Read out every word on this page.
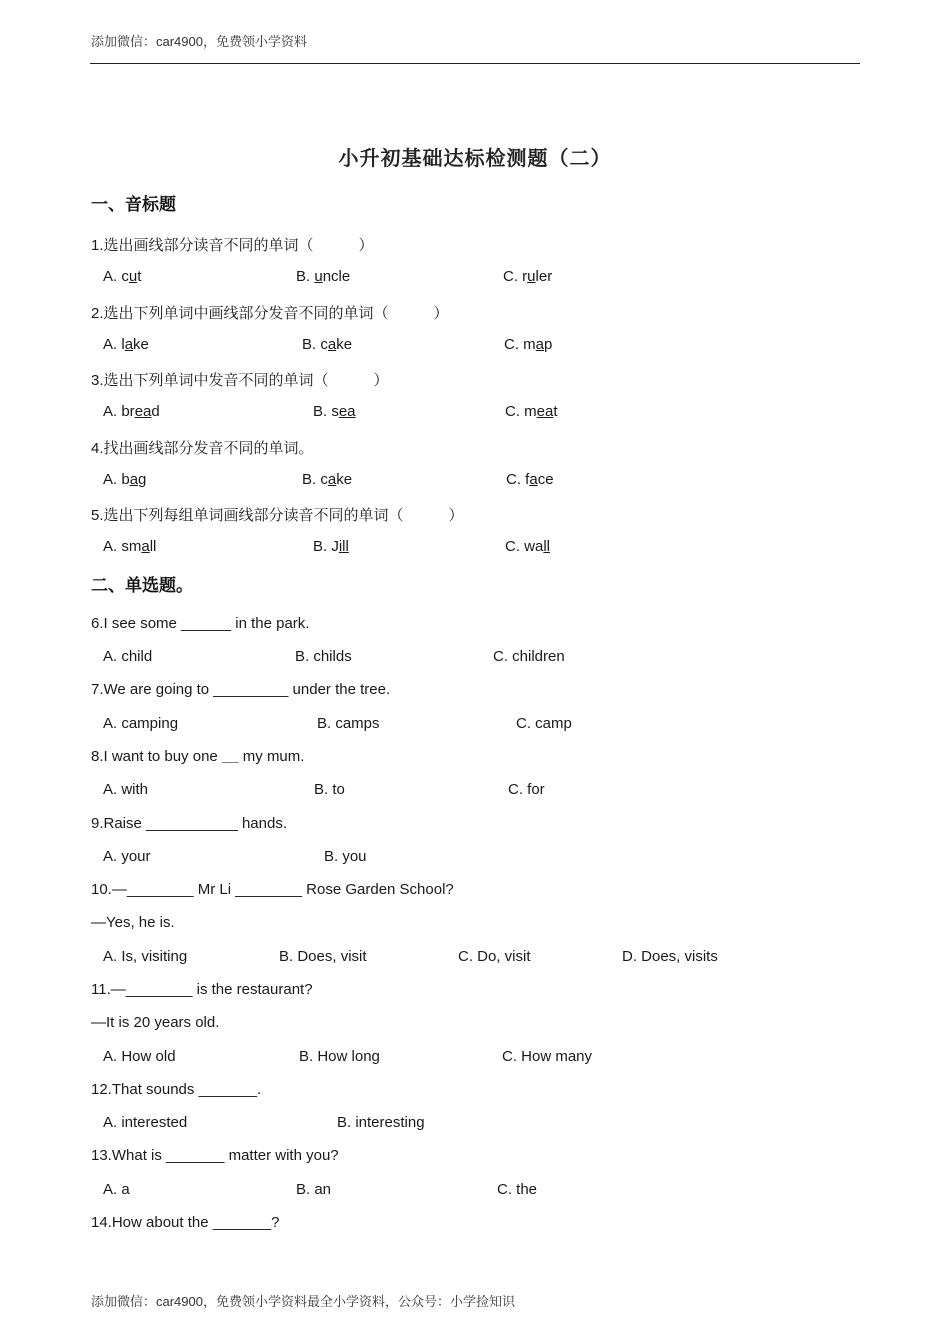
添加微信：car4900，免费领小学资料
小升初基础达标检测题（二）
一、音标题
1.选出画线部分读音不同的单词（　　　）
A. cut	B. uncle	C. ruler
2.选出下列单词中画线部分发音不同的单词（　　　）
A. lake	B. cake	C. map
3.选出下列单词中发音不同的单词（　　　）
A. bread	B. sea	C. meat
4.找出画线部分发音不同的单词。
A. bag	B. cake	C. face
5.选出下列每组单词画线部分读音不同的单词（　　　）
A. small	B. Jill	C. wall
二、单选题。
6.I see some ______ in the park.
A. child	B. childs	C. children
7.We are going to _________ under the tree.
A. camping	B. camps	C. camp
8.I want to buy one __ my mum.
A. with	B. to	C. for
9.Raise ___________ hands.
A. your	B. you
10.—________ Mr Li ________ Rose Garden School?
—Yes, he is.
A. Is, visiting	B. Does, visit	C. Do, visit	D. Does, visits
11.—________ is the restaurant?
—It is 20 years old.
A. How old	B. How long	C. How many
12.That sounds _______.
A. interested	B. interesting
13.What is _______ matter with you?
A. a	B. an	C. the
14.How about the _______?
添加微信：car4900，免费领小学资料最全小学资料，公众号：小学捡知识
